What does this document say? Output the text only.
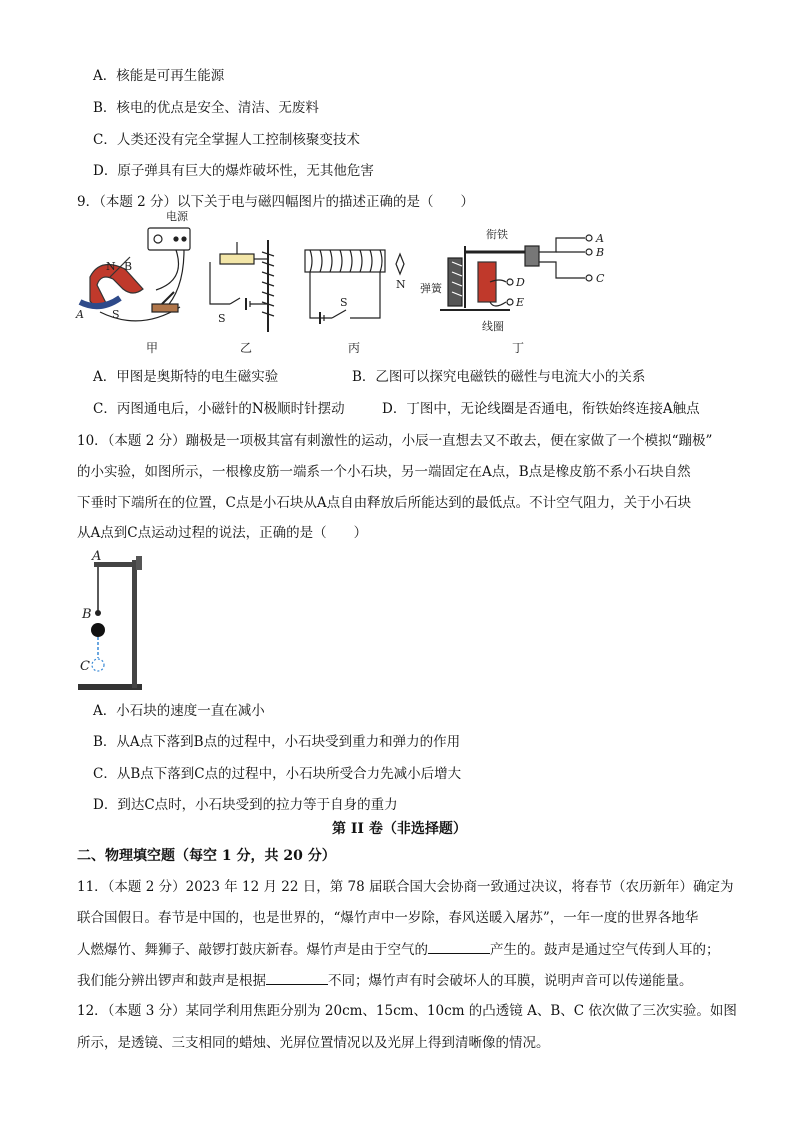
A．核能是可再生能源
B．核电的优点是安全、清洁、无废料
C．人类还没有完全掌握人工控制核聚变技术
D．原子弹具有巨大的爆炸破坏性，无其他危害
9．（本题 2 分）以下关于电与磁四幅图片的描述正确的是（　　）
电源
N B
A	S
甲
S
乙
S
N
丙
衔铁
弹簧
线圈
A
B
C
D
E
丁
A．甲图是奥斯特的电生磁实验	B．乙图可以探究电磁铁的磁性与电流大小的关系
C．丙图通电后，小磁针的N极顺时针摆动	D．丁图中，无论线圈是否通电，衔铁始终连接A触点
10．（本题 2 分）蹦极是一项极其富有刺激性的运动，小辰一直想去又不敢去，便在家做了一个模拟“蹦极”
的小实验，如图所示，一根橡皮筋一端系一个小石块，另一端固定在A点，B点是橡皮筋不系小石块自然
下垂时下端所在的位置，C点是小石块从A点自由释放后所能达到的最低点。不计空气阻力，关于小石块
从A点到C点运动过程的说法，正确的是（　　）
A
B
C
A．小石块的速度一直在减小
B．从A点下落到B点的过程中，小石块受到重力和弹力的作用
C．从B点下落到C点的过程中，小石块所受合力先减小后增大
D．到达C点时，小石块受到的拉力等于自身的重力
第 II 卷（非选择题）
二、物理填空题（每空 1 分，共 20 分）
11．（本题 2 分）2023 年 12 月 22 日，第 78 届联合国大会协商一致通过决议，将春节（农历新年）确定为
联合国假日。春节是中国的，也是世界的，“爆竹声中一岁除，春风送暖入屠苏”，一年一度的世界各地华
人燃爆竹、舞狮子、敲锣打鼓庆新春。爆竹声是由于空气的	产生的。鼓声是通过空气传到人耳的；
我们能分辨出锣声和鼓声是根据	不同；爆竹声有时会破坏人的耳膜，说明声音可以传递能量。
12．（本题 3 分）某同学利用焦距分别为 20cm、15cm、10cm 的凸透镜 A、B、C 依次做了三次实验。如图
所示，是透镜、三支相同的蜡烛、光屏位置情况以及光屏上得到清晰像的情况。
